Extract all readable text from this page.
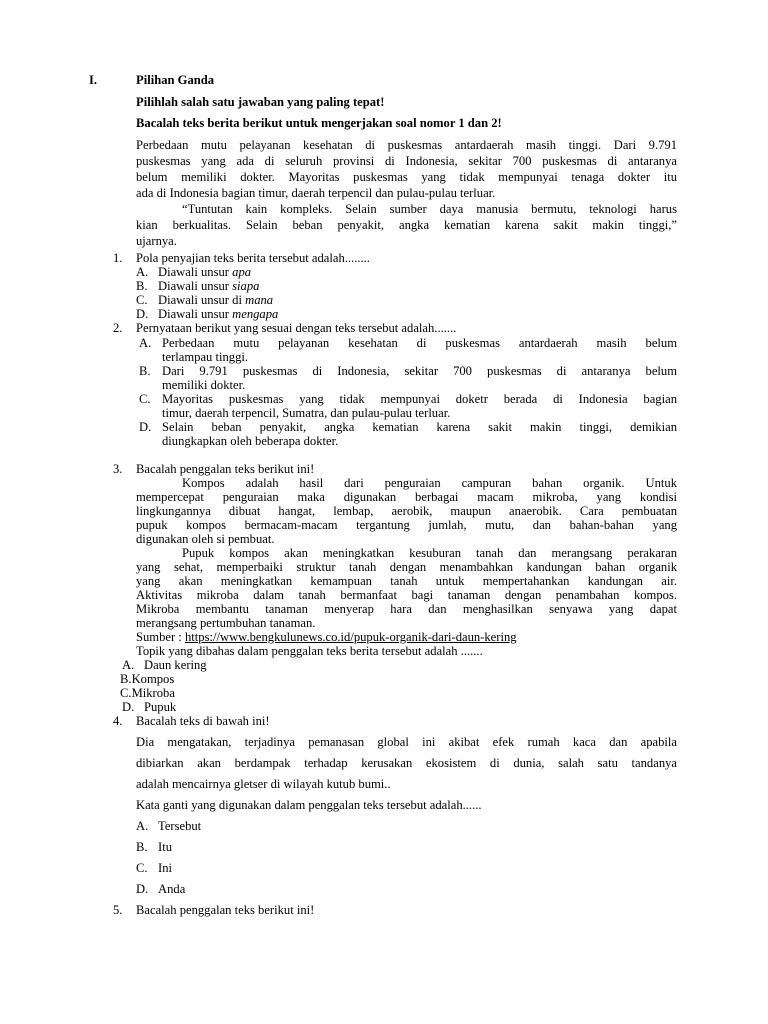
I.	Pilihan Ganda
Pilihlah salah satu jawaban yang paling tepat!
Bacalah teks berita berikut untuk mengerjakan soal nomor 1 dan 2!
Perbedaan mutu pelayanan kesehatan di puskesmas antardaerah masih tinggi. Dari 9.791
puskesmas yang ada di seluruh provinsi di Indonesia, sekitar 700 puskesmas di antaranya
belum memiliki dokter. Mayoritas puskesmas yang tidak mempunyai tenaga dokter itu
ada di Indonesia bagian timur, daerah terpencil dan pulau-pulau terluar.
“Tuntutan kain kompleks. Selain sumber daya manusia bermutu, teknologi harus
kian berkualitas. Selain beban penyakit, angka kematian karena sakit makin tinggi,”
ujarnya.
1. Pola penyajian teks berita tersebut adalah........
A. Diawali unsur apa
B. Diawali unsur siapa
C. Diawali unsur di mana
D. Diawali unsur mengapa
2. Pernyataan berikut yang sesuai dengan teks tersebut adalah.......
A. Perbedaan mutu pelayanan kesehatan di puskesmas antardaerah masih belum
terlampau tinggi.
B. Dari 9.791 puskesmas di Indonesia, sekitar 700 puskesmas di antaranya belum
memiliki dokter.
C. Mayoritas puskesmas yang tidak mempunyai doketr berada di Indonesia bagian
timur, daerah terpencil, Sumatra, dan pulau-pulau terluar.
D. Selain beban penyakit, angka kematian karena sakit makin tinggi, demikian
diungkapkan oleh beberapa dokter.
3. Bacalah penggalan teks berikut ini!
Kompos adalah hasil dari penguraian campuran bahan organik. Untuk
mempercepat penguraian maka digunakan berbagai macam mikroba, yang kondisi
lingkungannya dibuat hangat, lembap, aerobik, maupun anaerobik. Cara pembuatan
pupuk kompos bermacam-macam tergantung jumlah, mutu, dan bahan-bahan yang
digunakan oleh si pembuat.
Pupuk kompos akan meningkatkan kesuburan tanah dan merangsang perakaran
yang sehat, memperbaiki struktur tanah dengan menambahkan kandungan bahan organik
yang akan meningkatkan kemampuan tanah untuk mempertahankan kandungan air.
Aktivitas mikroba dalam tanah bermanfaat bagi tanaman dengan penambahan kompos.
Mikroba membantu tanaman menyerap hara dan menghasilkan senyawa yang dapat
merangsang pertumbuhan tanaman.
Sumber : https://www.bengkulunews.co.id/pupuk-organik-dari-daun-kering
Topik yang dibahas dalam penggalan teks berita tersebut adalah .......
A. Daun kering
B.Kompos
C.Mikroba
D. Pupuk
4. Bacalah teks di bawah ini!
Dia mengatakan, terjadinya pemanasan global ini akibat efek rumah kaca dan apabila
dibiarkan akan berdampak terhadap kerusakan ekosistem di dunia, salah satu tandanya
adalah mencairnya gletser di wilayah kutub bumi..
Kata ganti yang digunakan dalam penggalan teks tersebut adalah......
A. Tersebut
B. Itu
C. Ini
D. Anda
5. Bacalah penggalan teks berikut ini!
